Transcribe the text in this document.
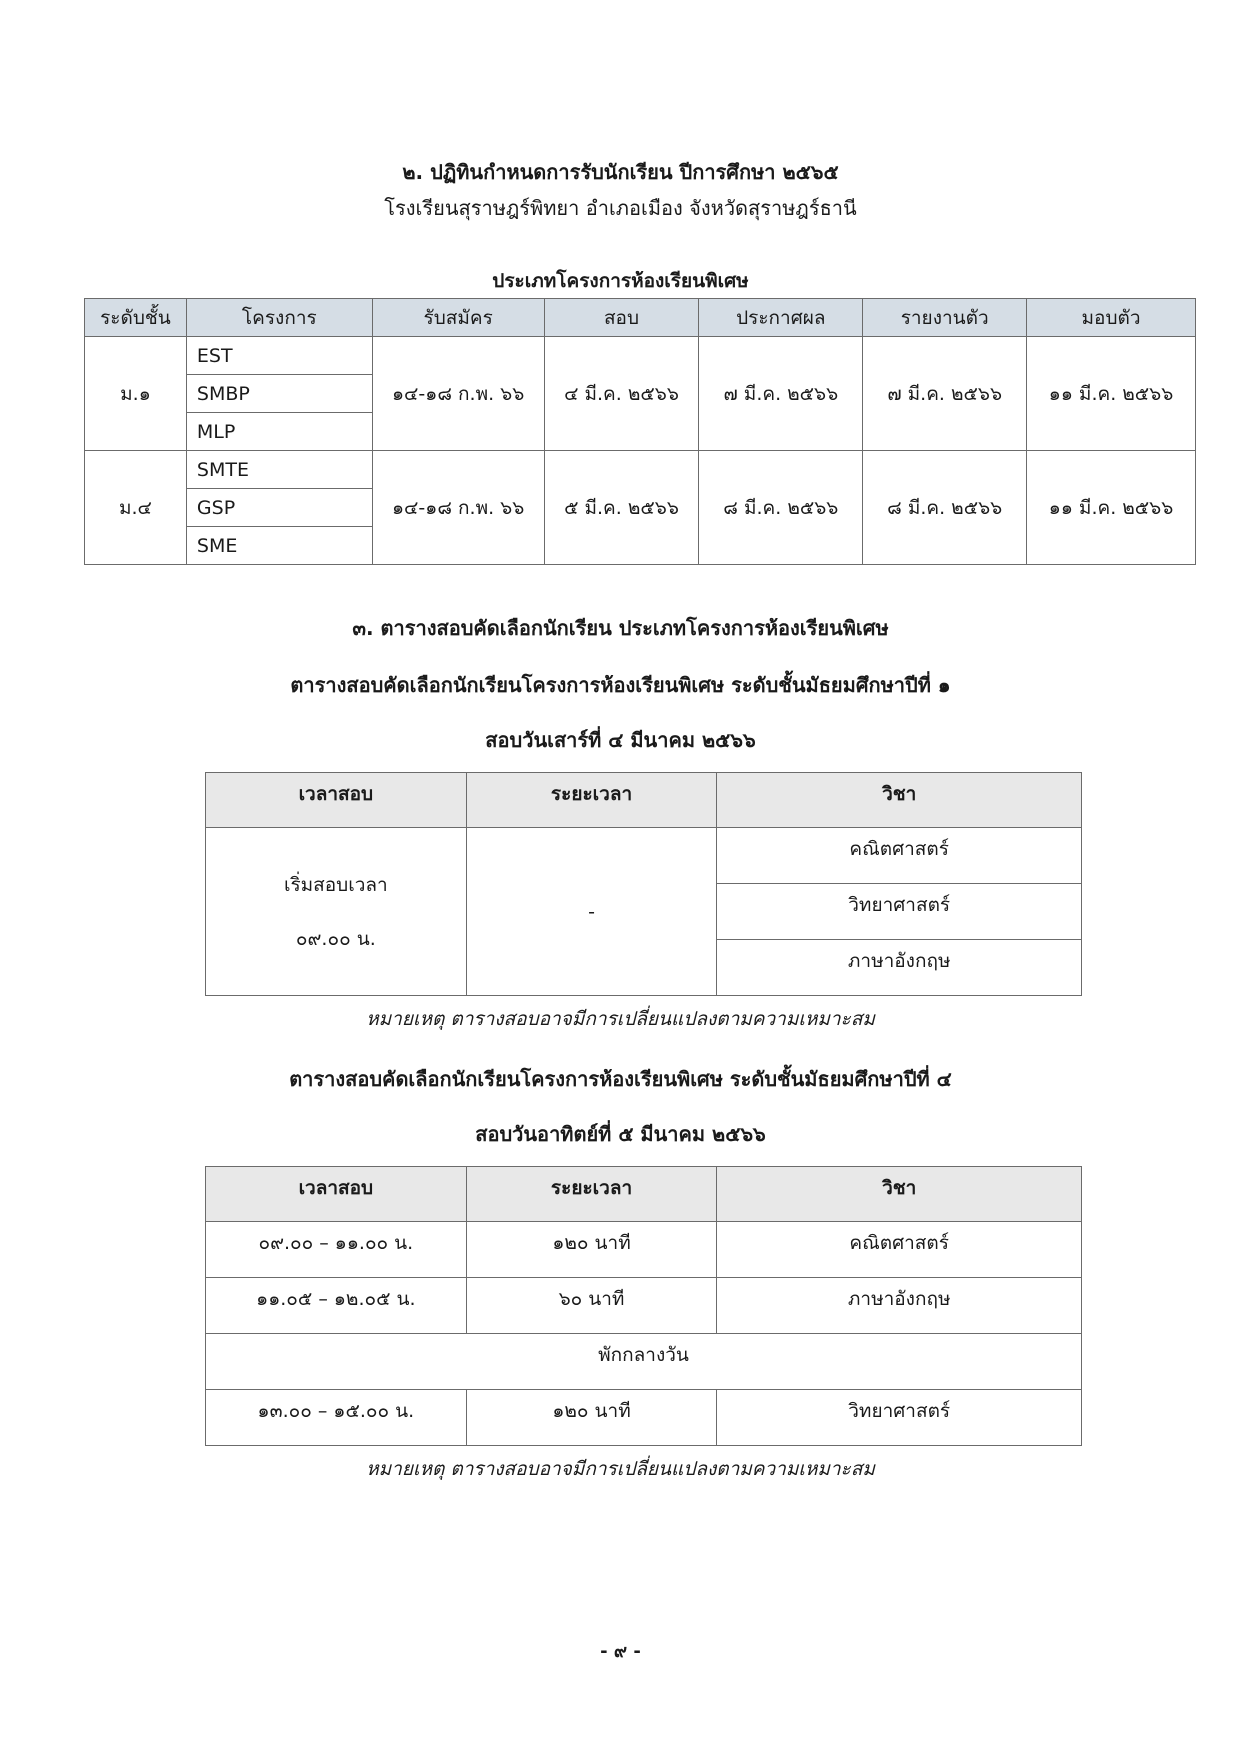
๒. ปฏิทินกำหนดการรับนักเรียน ปีการศึกษา ๒๕๖๕
โรงเรียนสุราษฎร์พิทยา อำเภอเมือง จังหวัดสุราษฎร์ธานี
ประเภทโครงการห้องเรียนพิเศษ
ระดับชั้น	โครงการ	รับสมัคร	สอบ	ประกาศผล	รายงานตัว	มอบตัว
ม.๑	EST	๑๔-๑๘ ก.พ. ๖๖	๔ มี.ค. ๒๕๖๖	๗ มี.ค. ๒๕๖๖	๗ มี.ค. ๒๕๖๖	๑๑ มี.ค. ๒๕๖๖
	SMBP					
	MLP					
ม.๔	SMTE	๑๔-๑๘ ก.พ. ๖๖	๕ มี.ค. ๒๕๖๖	๘ มี.ค. ๒๕๖๖	๘ มี.ค. ๒๕๖๖	๑๑ มี.ค. ๒๕๖๖
	GSP					
	SME					
๓. ตารางสอบคัดเลือกนักเรียน ประเภทโครงการห้องเรียนพิเศษ
ตารางสอบคัดเลือกนักเรียนโครงการห้องเรียนพิเศษ ระดับชั้นมัธยมศึกษาปีที่ ๑
สอบวันเสาร์ที่ ๔ มีนาคม ๒๕๖๖
เวลาสอบ	ระยะเวลา	วิชา

เริ่มสอบเวลา
๐๙.๐๐ น.	-	คณิตศาสตร์
		วิทยาศาสตร์
		ภาษาอังกฤษ
หมายเหตุ ตารางสอบอาจมีการเปลี่ยนแปลงตามความเหมาะสม
ตารางสอบคัดเลือกนักเรียนโครงการห้องเรียนพิเศษ ระดับชั้นมัธยมศึกษาปีที่ ๔
สอบวันอาทิตย์ที่ ๕ มีนาคม ๒๕๖๖
เวลาสอบ	ระยะเวลา	วิชา
๐๙.๐๐ – ๑๑.๐๐ น.	๑๒๐ นาที	คณิตศาสตร์
๑๑.๐๕ – ๑๒.๐๕ น.	๖๐ นาที	ภาษาอังกฤษ
พักกลางวัน		
๑๓.๐๐ – ๑๕.๐๐ น.	๑๒๐ นาที	วิทยาศาสตร์
หมายเหตุ ตารางสอบอาจมีการเปลี่ยนแปลงตามความเหมาะสม
- ๙ -
